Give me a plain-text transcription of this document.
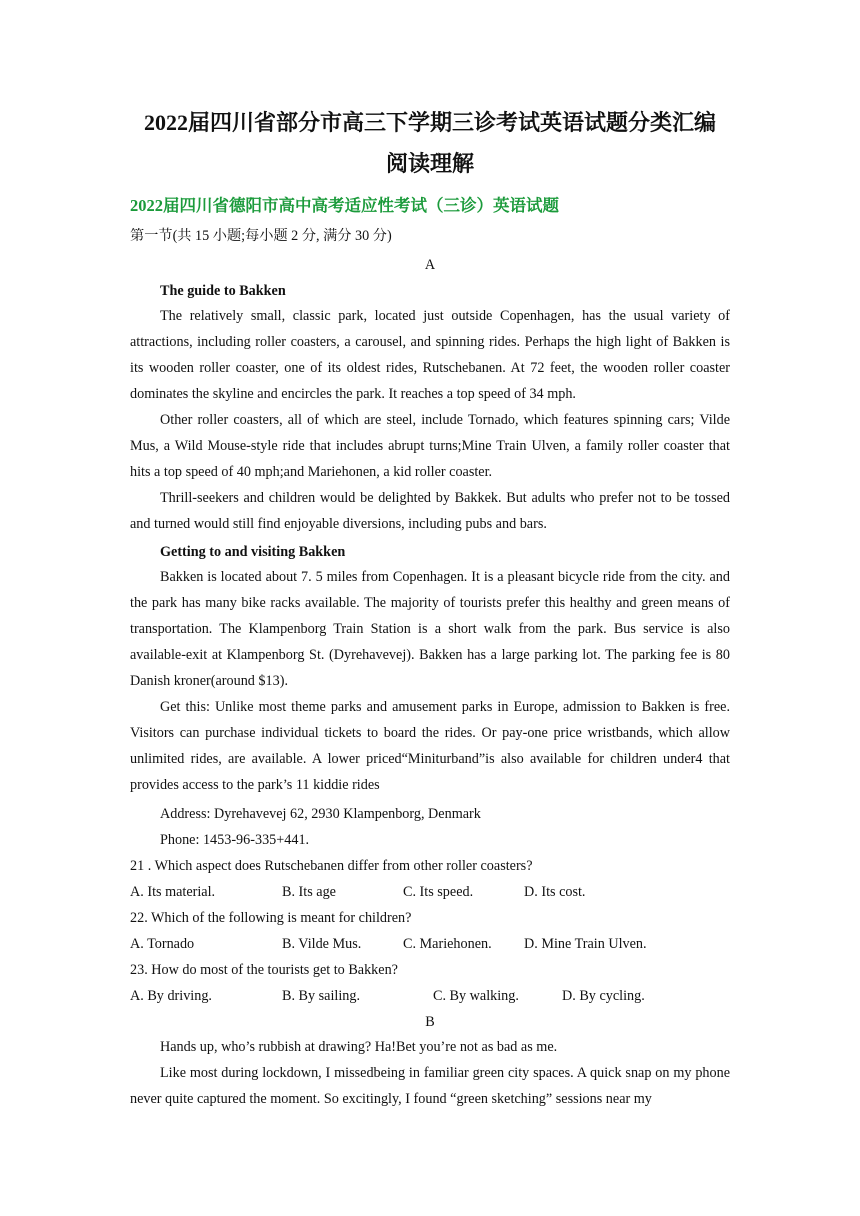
2022届四川省部分市高三下学期三诊考试英语试题分类汇编
阅读理解
2022届四川省德阳市高中高考适应性考试（三诊）英语试题
第一节(共 15 小题;每小题 2 分, 满分 30 分)
A
The guide to Bakken
The relatively small, classic park, located just outside Copenhagen, has the usual variety of attractions, including roller coasters, a carousel, and spinning rides. Perhaps the high light of Bakken is its wooden roller coaster, one of its oldest rides, Rutschebanen. At 72 feet, the wooden roller coaster dominates the skyline and encircles the park. It reaches a top speed of 34 mph.
Other roller coasters, all of which are steel, include Tornado, which features spinning cars; Vilde Mus, a Wild Mouse-style ride that includes abrupt turns;Mine Train Ulven, a family roller coaster that hits a top speed of 40 mph;and Mariehonen, a kid roller coaster.
Thrill-seekers and children would be delighted by Bakkek. But adults who prefer not to be tossed and turned would still find enjoyable diversions, including pubs and bars.
Getting to and visiting Bakken
Bakken is located about 7. 5 miles from Copenhagen. It is a pleasant bicycle ride from the city. and the park has many bike racks available. The majority of tourists prefer this healthy and green means of transportation. The Klampenborg Train Station is a short walk from the park. Bus service is also available-exit at Klampenborg St. (Dyrehavevej). Bakken has a large parking lot. The parking fee is 80 Danish kroner(around $13).
Get this: Unlike most theme parks and amusement parks in Europe, admission to Bakken is free. Visitors can purchase individual tickets to board the rides. Or pay-one price wristbands, which allow unlimited rides, are available. A lower priced“Miniturband”is also available for children under4 that provides access to the park’s 11 kiddie rides
Address: Dyrehavevej 62, 2930 Klampenborg, Denmark
Phone: 1453-96-335+441.
21 . Which aspect does Rutschebanen differ from other roller coasters?
A. Its material.	B. Its age	C. Its speed.	D. Its cost.
22. Which of the following is meant for children?
A. Tornado	B. Vilde Mus.	C. Mariehonen. D. Mine Train Ulven.
23. How do most of the tourists get to Bakken?
A. By driving.	B. By sailing.	C. By walking.	D. By cycling.
B
Hands up, who’s rubbish at drawing? Ha!Bet you’re not as bad as me.
Like most during lockdown, I missedbeing in familiar green city spaces. A quick snap on my phone never quite captured the moment. So excitingly, I found “green sketching” sessions near my
